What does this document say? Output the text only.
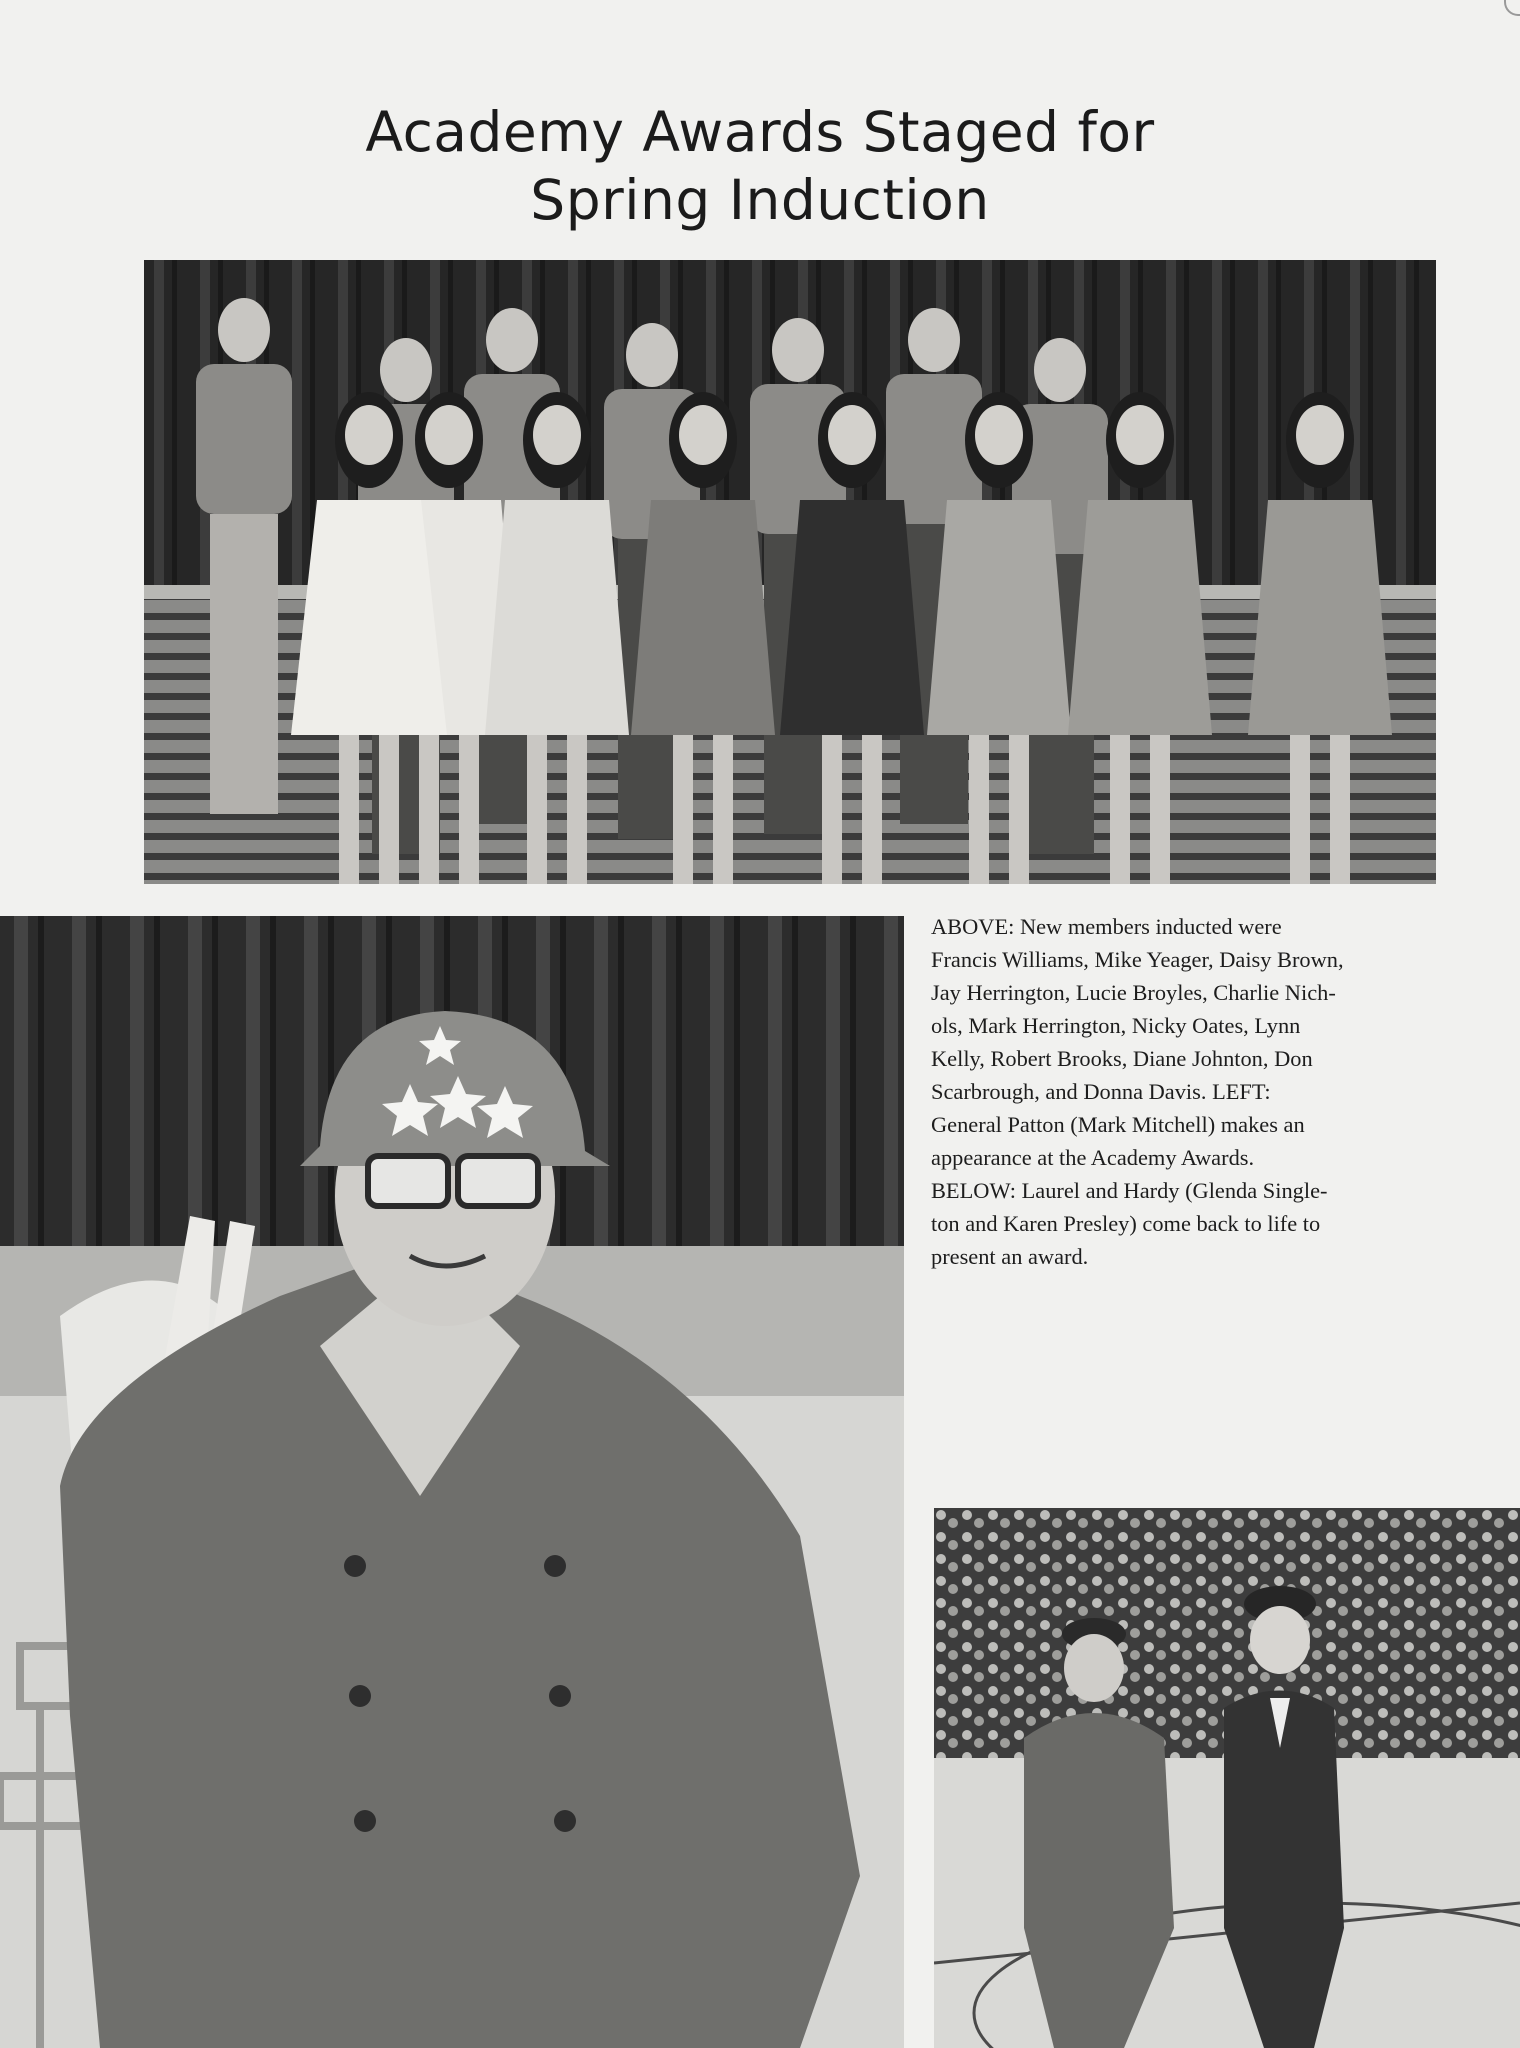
Academy Awards Staged for
Spring Induction

ABOVE: New members inducted were

Francis Williams, Mike Yeager, Daisy Brown,

Jay Herrington, Lucie Broyles, Charlie Nich-

ols, Mark Herrington, Nicky Oates, Lynn

Kelly, Robert Brooks, Diane Johnton, Don

Scarbrough, and Donna Davis. LEFT:

General Patton (Mark Mitchell) makes an

appearance at the Academy Awards.

BELOW: Laurel and Hardy (Glenda Single-

ton and Karen Presley) come back to life to

present an award.
